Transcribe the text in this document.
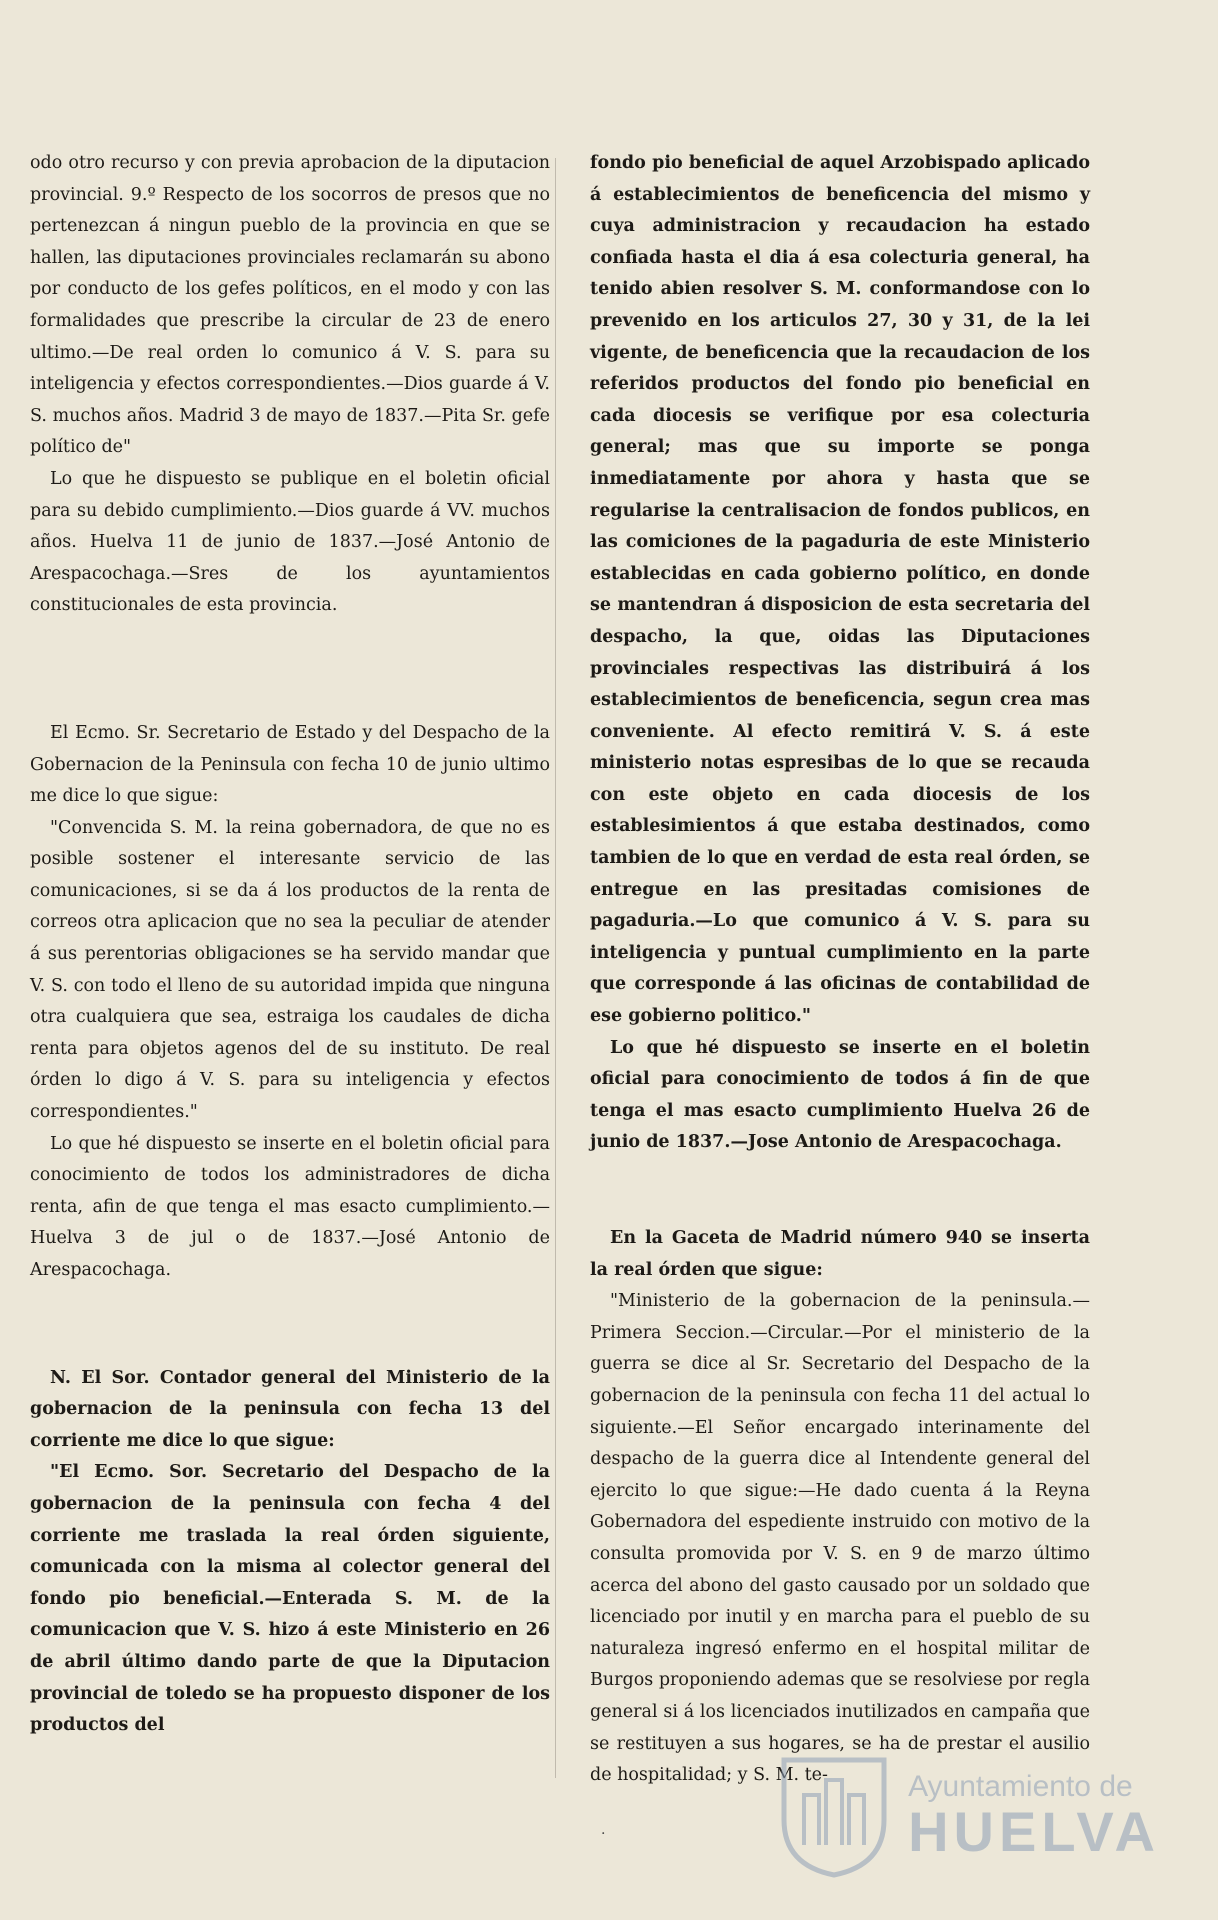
odo otro recurso y con previa aprobacion de la diputacion provincial. 9.º Respecto de los socorros de presos que no pertenezcan á ningun pueblo de la provincia en que se hallen, las diputaciones provinciales reclamarán su abono por conducto de los gefes políticos, en el modo y con las formalidades que prescribe la circular de 23 de enero ultimo.—De real orden lo comunico á V. S. para su inteligencia y efectos correspondientes.—Dios guarde á V. S. muchos años. Madrid 3 de mayo de 1837.—Pita Sr. gefe político de"

Lo que he dispuesto se publique en el boletin oficial para su debido cumplimiento.—Dios guarde á VV. muchos años. Huelva 11 de junio de 1837.—José Antonio de Arespacochaga.—Sres de los ayuntamientos constitucionales de esta provincia.

El Ecmo. Sr. Secretario de Estado y del Despacho de la Gobernacion de la Peninsula con fecha 10 de junio ultimo me dice lo que sigue:

"Convencida S. M. la reina gobernadora, de que no es posible sostener el interesante servicio de las comunicaciones, si se da á los productos de la renta de correos otra aplicacion que no sea la peculiar de atender á sus perentorias obligaciones se ha servido mandar que V. S. con todo el lleno de su autoridad impida que ninguna otra cualquiera que sea, estraiga los caudales de dicha renta para objetos agenos del de su instituto. De real órden lo digo á V. S. para su inteligencia y efectos correspondientes."

Lo que hé dispuesto se inserte en el boletin oficial para conocimiento de todos los administradores de dicha renta, afin de que tenga el mas esacto cumplimiento.—Huelva 3 de jul o de 1837.—José Antonio de Arespacochaga.

N. El Sor. Contador general del Ministerio de la gobernacion de la peninsula con fecha 13 del corriente me dice lo que sigue:

"El Ecmo. Sor. Secretario del Despacho de la gobernacion de la peninsula con fecha 4 del corriente me traslada la real órden siguiente, comunicada con la misma al colector general del fondo pio beneficial.—Enterada S. M. de la comunicacion que V. S. hizo á este Ministerio en 26 de abril último dando parte de que la Diputacion provincial de toledo se ha propuesto disponer de los productos del

fondo pio beneficial de aquel Arzobispado aplicado á establecimientos de beneficencia del mismo y cuya administracion y recaudacion ha estado confiada hasta el dia á esa colecturia general, ha tenido abien resolver S. M. conformandose con lo prevenido en los articulos 27, 30 y 31, de la lei vigente, de beneficencia que la recaudacion de los referidos productos del fondo pio beneficial en cada diocesis se verifique por esa colecturia general; mas que su importe se ponga inmediatamente por ahora y hasta que se regularise la centralisacion de fondos publicos, en las comiciones de la pagaduria de este Ministerio establecidas en cada gobierno político, en donde se mantendran á disposicion de esta secretaria del despacho, la que, oidas las Diputaciones provinciales respectivas las distribuirá á los establecimientos de beneficencia, segun crea mas conveniente. Al efecto remitirá V. S. á este ministerio notas espresibas de lo que se recauda con este objeto en cada diocesis de los establesimientos á que estaba destinados, como tambien de lo que en verdad de esta real órden, se entregue en las presitadas comisiones de pagaduria.—Lo que comunico á V. S. para su inteligencia y puntual cumplimiento en la parte que corresponde á las oficinas de contabilidad de ese gobierno politico."

Lo que hé dispuesto se inserte en el boletin oficial para conocimiento de todos á fin de que tenga el mas esacto cumplimiento Huelva 26 de junio de 1837.—Jose Antonio de Arespacochaga.

En la Gaceta de Madrid número 940 se inserta la real órden que sigue:

"Ministerio de la gobernacion de la peninsula.—Primera Seccion.—Circular.—Por el ministerio de la guerra se dice al Sr. Secretario del Despacho de la gobernacion de la peninsula con fecha 11 del actual lo siguiente.—El Señor encargado interinamente del despacho de la guerra dice al Intendente general del ejercito lo que sigue:—He dado cuenta á la Reyna Gobernadora del espediente instruido con motivo de la consulta promovida por V. S. en 9 de marzo último acerca del abono del gasto causado por un soldado que licenciado por inutil y en marcha para el pueblo de su naturaleza ingresó enfermo en el hospital militar de Burgos proponiendo ademas que se resolviese por regla general si á los licenciados inutilizados en campaña que se restituyen a sus hogares, se ha de prestar el ausilio de hospitalidad; y S. M. te-

.
Ayuntamiento de
HUELVA
